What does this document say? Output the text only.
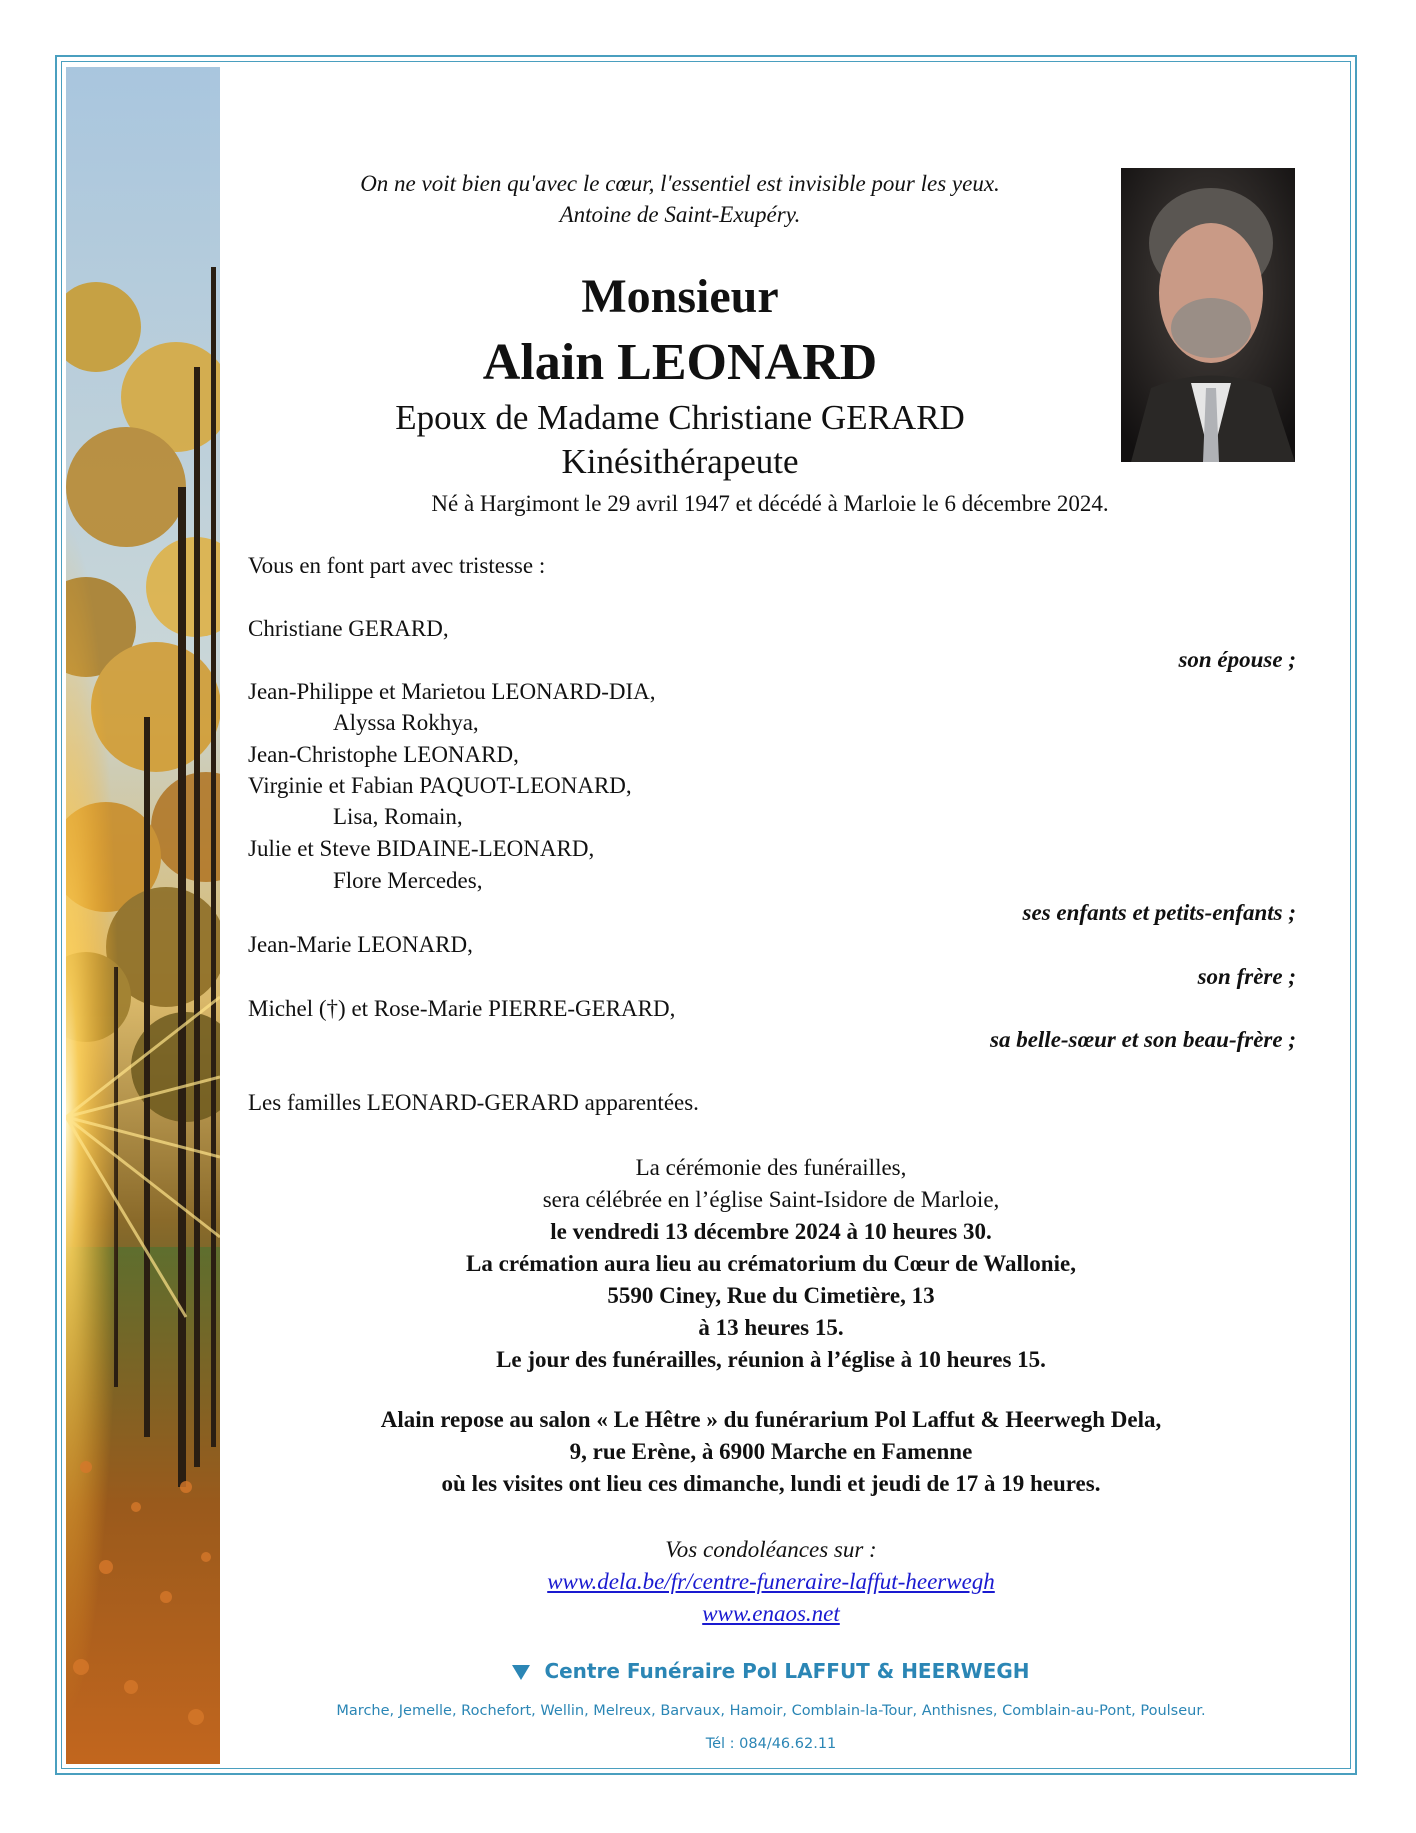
On ne voit bien qu'avec le cœur, l'essentiel est invisible pour les yeux.
Antoine de Saint-Exupéry.
Monsieur
Alain LEONARD
Epoux de Madame Christiane GERARD
Kinésithérapeute
Né à Hargimont le 29 avril 1947 et décédé à Marloie le 6 décembre 2024.
Vous en font part avec tristesse :
Christiane GERARD,
son épouse ;
Jean-Philippe et Marietou LEONARD-DIA,
Alyssa Rokhya,
Jean-Christophe LEONARD,
Virginie et Fabian PAQUOT-LEONARD,
Lisa, Romain,
Julie et Steve BIDAINE-LEONARD,
Flore Mercedes,
ses enfants et petits-enfants ;
Jean-Marie LEONARD,
son frère ;
Michel (†) et Rose-Marie PIERRE-GERARD,
sa belle-sœur et son beau-frère ;
Les familles LEONARD-GERARD apparentées.
La cérémonie des funérailles,
sera célébrée en l’église Saint-Isidore de Marloie,
le vendredi 13 décembre 2024 à 10 heures 30.
La crémation aura lieu au crématorium du Cœur de Wallonie,
5590 Ciney, Rue du Cimetière, 13
à 13 heures 15.
Le jour des funérailles, réunion à l’église à 10 heures 15.
Alain repose au salon « Le Hêtre » du funérarium Pol Laffut & Heerwegh Dela,
9, rue Erène, à 6900 Marche en Famenne
où les visites ont lieu ces dimanche, lundi et jeudi de 17 à 19 heures.
Vos condoléances sur :
www.dela.be/fr/centre-funeraire-laffut-heerwegh
www.enaos.net
Centre Funéraire Pol LAFFUT & HEERWEGH
Marche, Jemelle, Rochefort, Wellin, Melreux, Barvaux, Hamoir, Comblain-la-Tour, Anthisnes, Comblain-au-Pont, Poulseur.
Tél : 084/46.62.11
